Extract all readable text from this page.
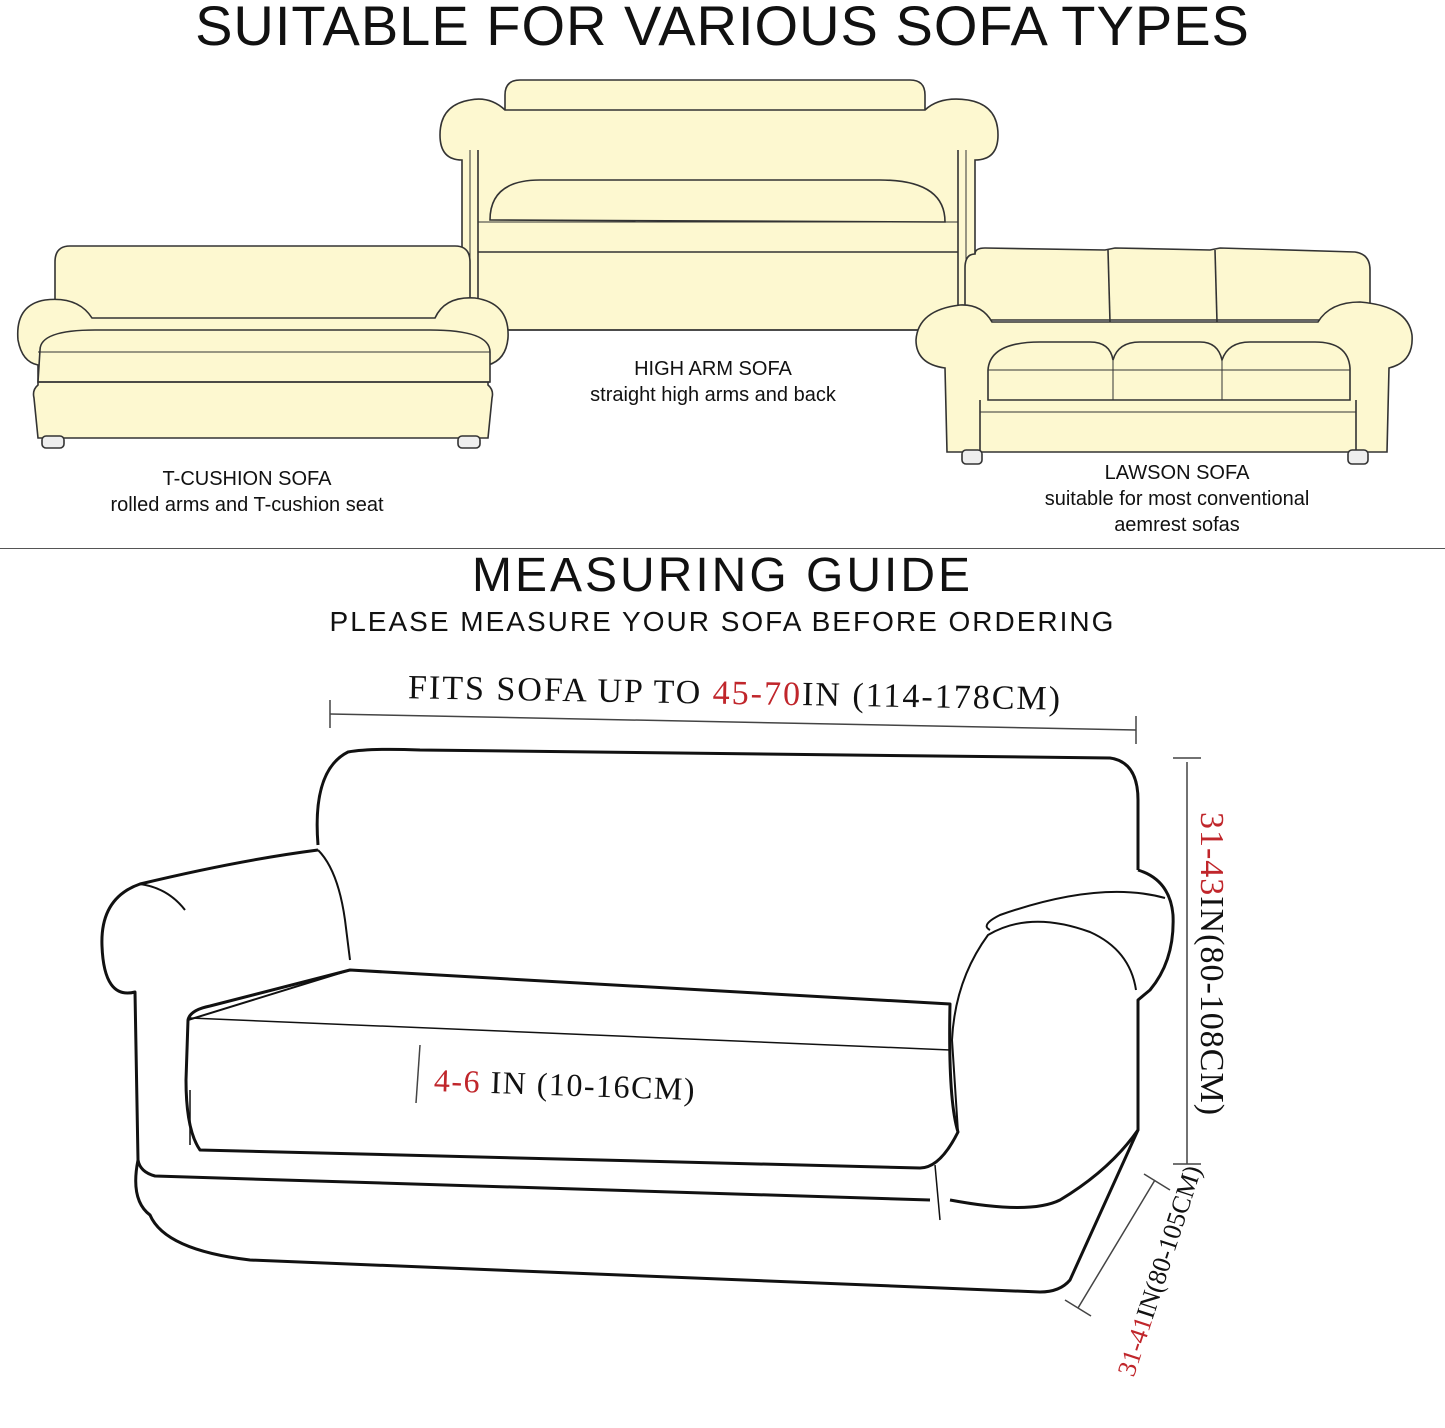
SUITABLE FOR VARIOUS SOFA TYPES
T-CUSHION SOFA
rolled arms and T-cushion seat
HIGH ARM SOFA
straight high arms and back
LAWSON SOFA
suitable for most conventional
aemrest sofas
MEASURING GUIDE
PLEASE MEASURE YOUR SOFA BEFORE ORDERING
FITS SOFA UP TO 45-70IN (114-178CM)
4-6 IN (10-16CM)
31-43IN(80-108CM)
31-41IN(80-105CM)
